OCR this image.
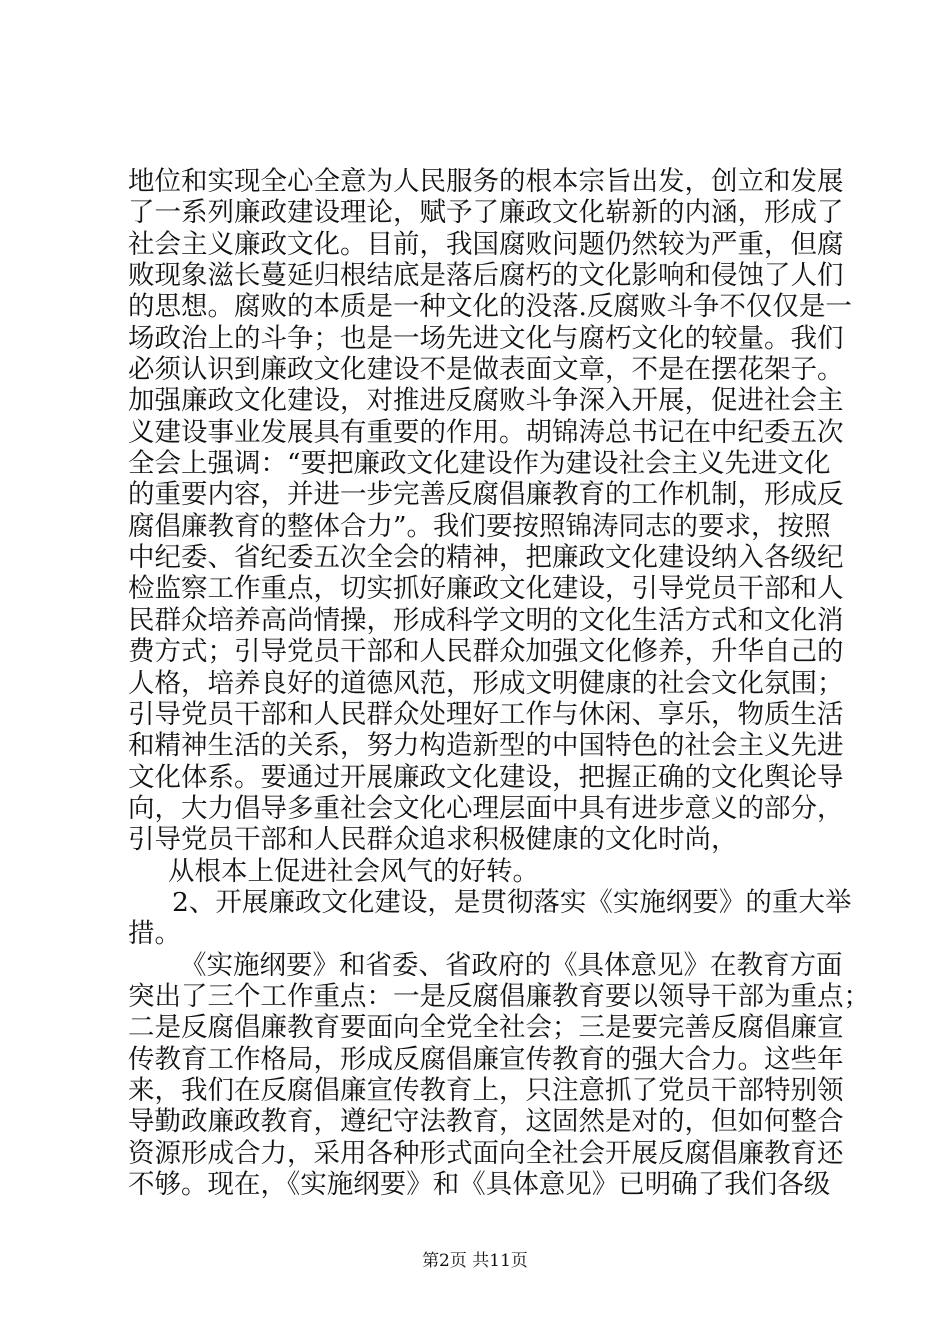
地位和实现全心全意为人民服务的根本宗旨出发，创立和发展
了一系列廉政建设理论，赋予了廉政文化崭新的内涵，形成了
社会主义廉政文化。目前，我国腐败问题仍然较为严重，但腐
败现象滋长蔓延归根结底是落后腐朽的文化影响和侵蚀了人们
的思想。腐败的本质是一种文化的没落.反腐败斗争不仅仅是一
场政治上的斗争；也是一场先进文化与腐朽文化的较量。我们
必须认识到廉政文化建设不是做表面文章，不是在摆花架子。
加强廉政文化建设，对推进反腐败斗争深入开展，促进社会主
义建设事业发展具有重要的作用。胡锦涛总书记在中纪委五次
全会上强调：“要把廉政文化建设作为建设社会主义先进文化
的重要内容，并进一步完善反腐倡廉教育的工作机制，形成反
腐倡廉教育的整体合力”。我们要按照锦涛同志的要求，按照
中纪委、省纪委五次全会的精神，把廉政文化建设纳入各级纪
检监察工作重点，切实抓好廉政文化建设，引导党员干部和人
民群众培养高尚情操，形成科学文明的文化生活方式和文化消
费方式；引导党员干部和人民群众加强文化修养，升华自己的
人格，培养良好的道德风范，形成文明健康的社会文化氛围；
引导党员干部和人民群众处理好工作与休闲、享乐，物质生活
和精神生活的关系，努力构造新型的中国特色的社会主义先进
文化体系。要通过开展廉政文化建设，把握正确的文化舆论导
向，大力倡导多重社会文化心理层面中具有进步意义的部分，
引导党员干部和人民群众追求积极健康的文化时尚，
从根本上促进社会风气的好转。
2、开展廉政文化建设，是贯彻落实《实施纲要》的重大举
措。
《实施纲要》和省委、省政府的《具体意见》在教育方面
突出了三个工作重点：一是反腐倡廉教育要以领导干部为重点；
二是反腐倡廉教育要面向全党全社会；三是要完善反腐倡廉宣
传教育工作格局，形成反腐倡廉宣传教育的强大合力。这些年
来，我们在反腐倡廉宣传教育上，只注意抓了党员干部特别领
导勤政廉政教育，遵纪守法教育，这固然是对的，但如何整合
资源形成合力，采用各种形式面向全社会开展反腐倡廉教育还
不够。现在，《实施纲要》和《具体意见》已明确了我们各级
第2页 共11页
